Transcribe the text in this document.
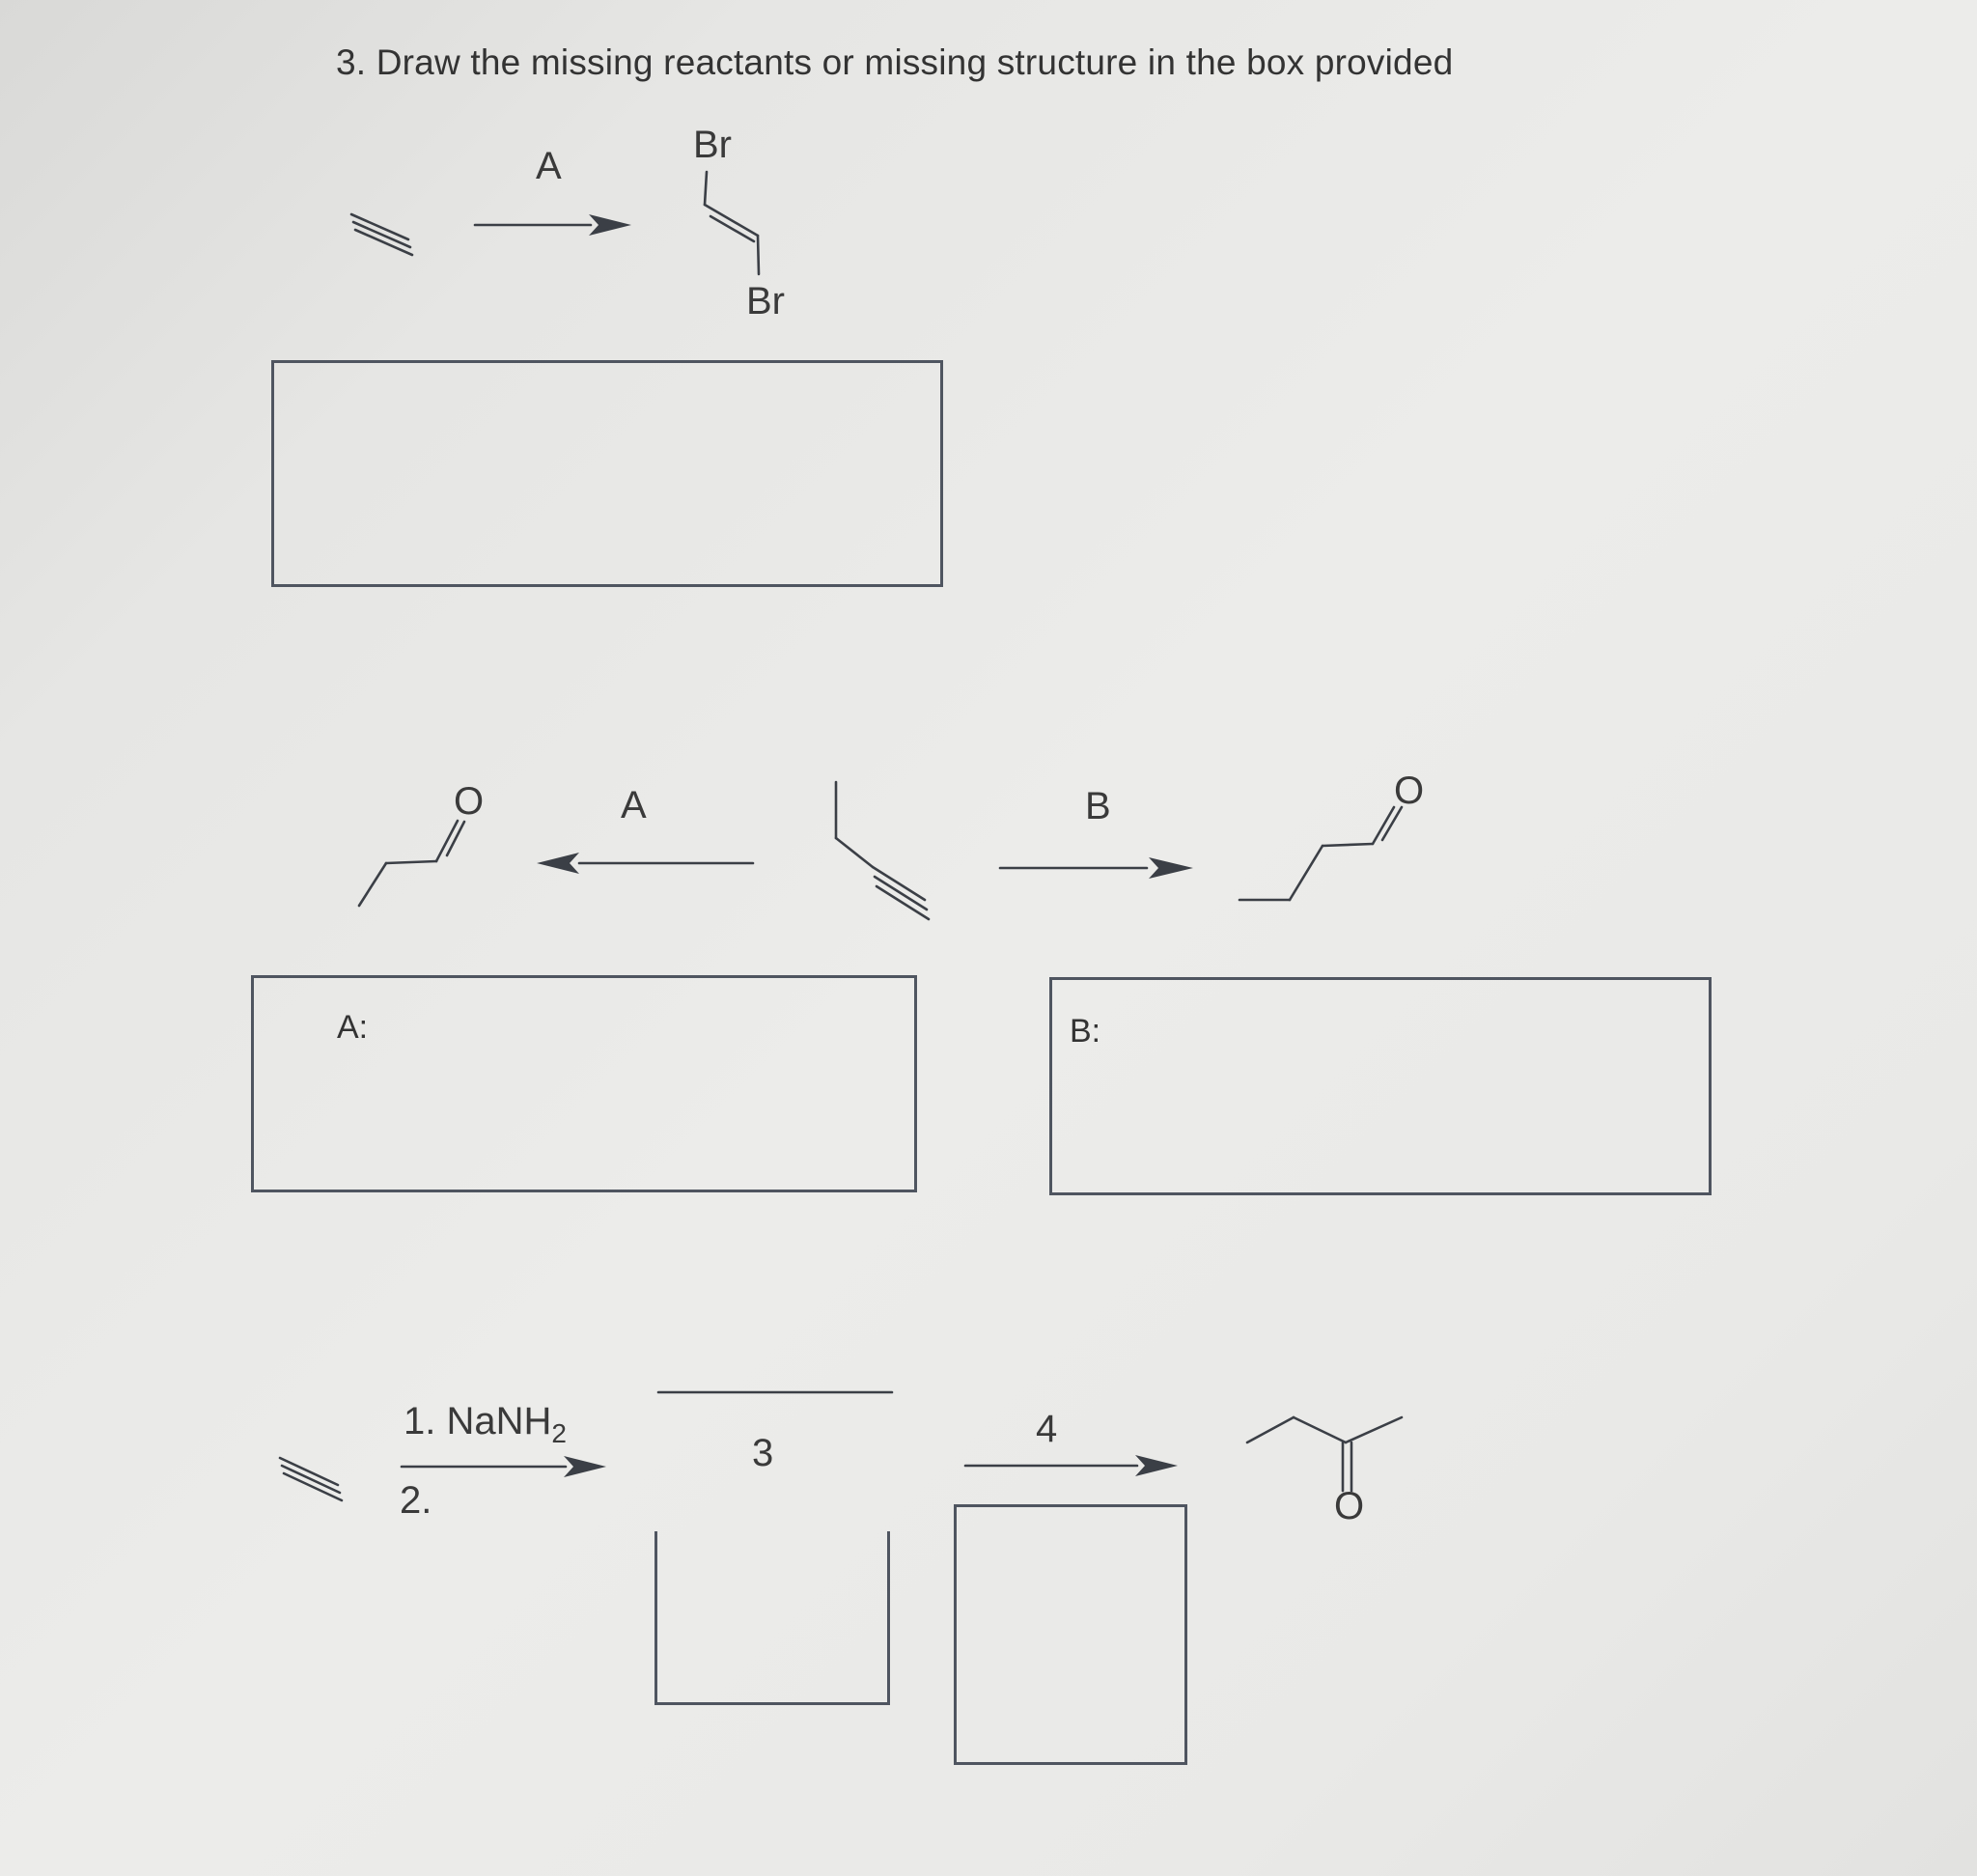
3. Draw the missing reactants or missing structure in the box provided
A	Br
Br
O	A	B	O
A:	B:
1. NaNH$_2$
2.
3
4
O
